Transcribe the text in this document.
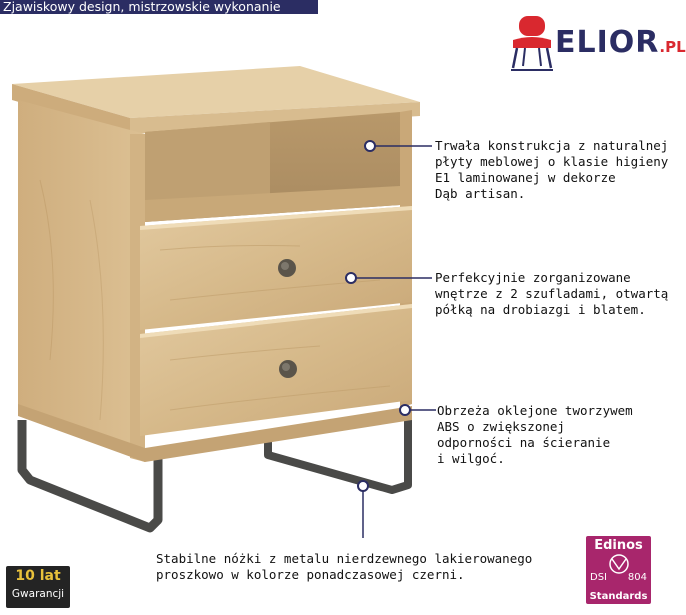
Zjawiskowy design, mistrzowskie wykonanie
ELIOR.PL
Trwała konstrukcja z naturalnej
płyty meblowej o klasie higieny
E1 laminowanej w dekorze
Dąb artisan.
Perfekcyjnie zorganizowane
wnętrze z 2 szufladami, otwartą
półką na drobiazgi i blatem.
Obrzeża oklejone tworzywem
ABS o zwiększonej
odporności na ścieranie
i wilgoć.
Stabilne nóżki z metalu nierdzewnego lakierowanego
proszkowo w kolorze ponadczasowej czerni.
10 lat
Gwarancji
Edinos
DSI 804
Standards
